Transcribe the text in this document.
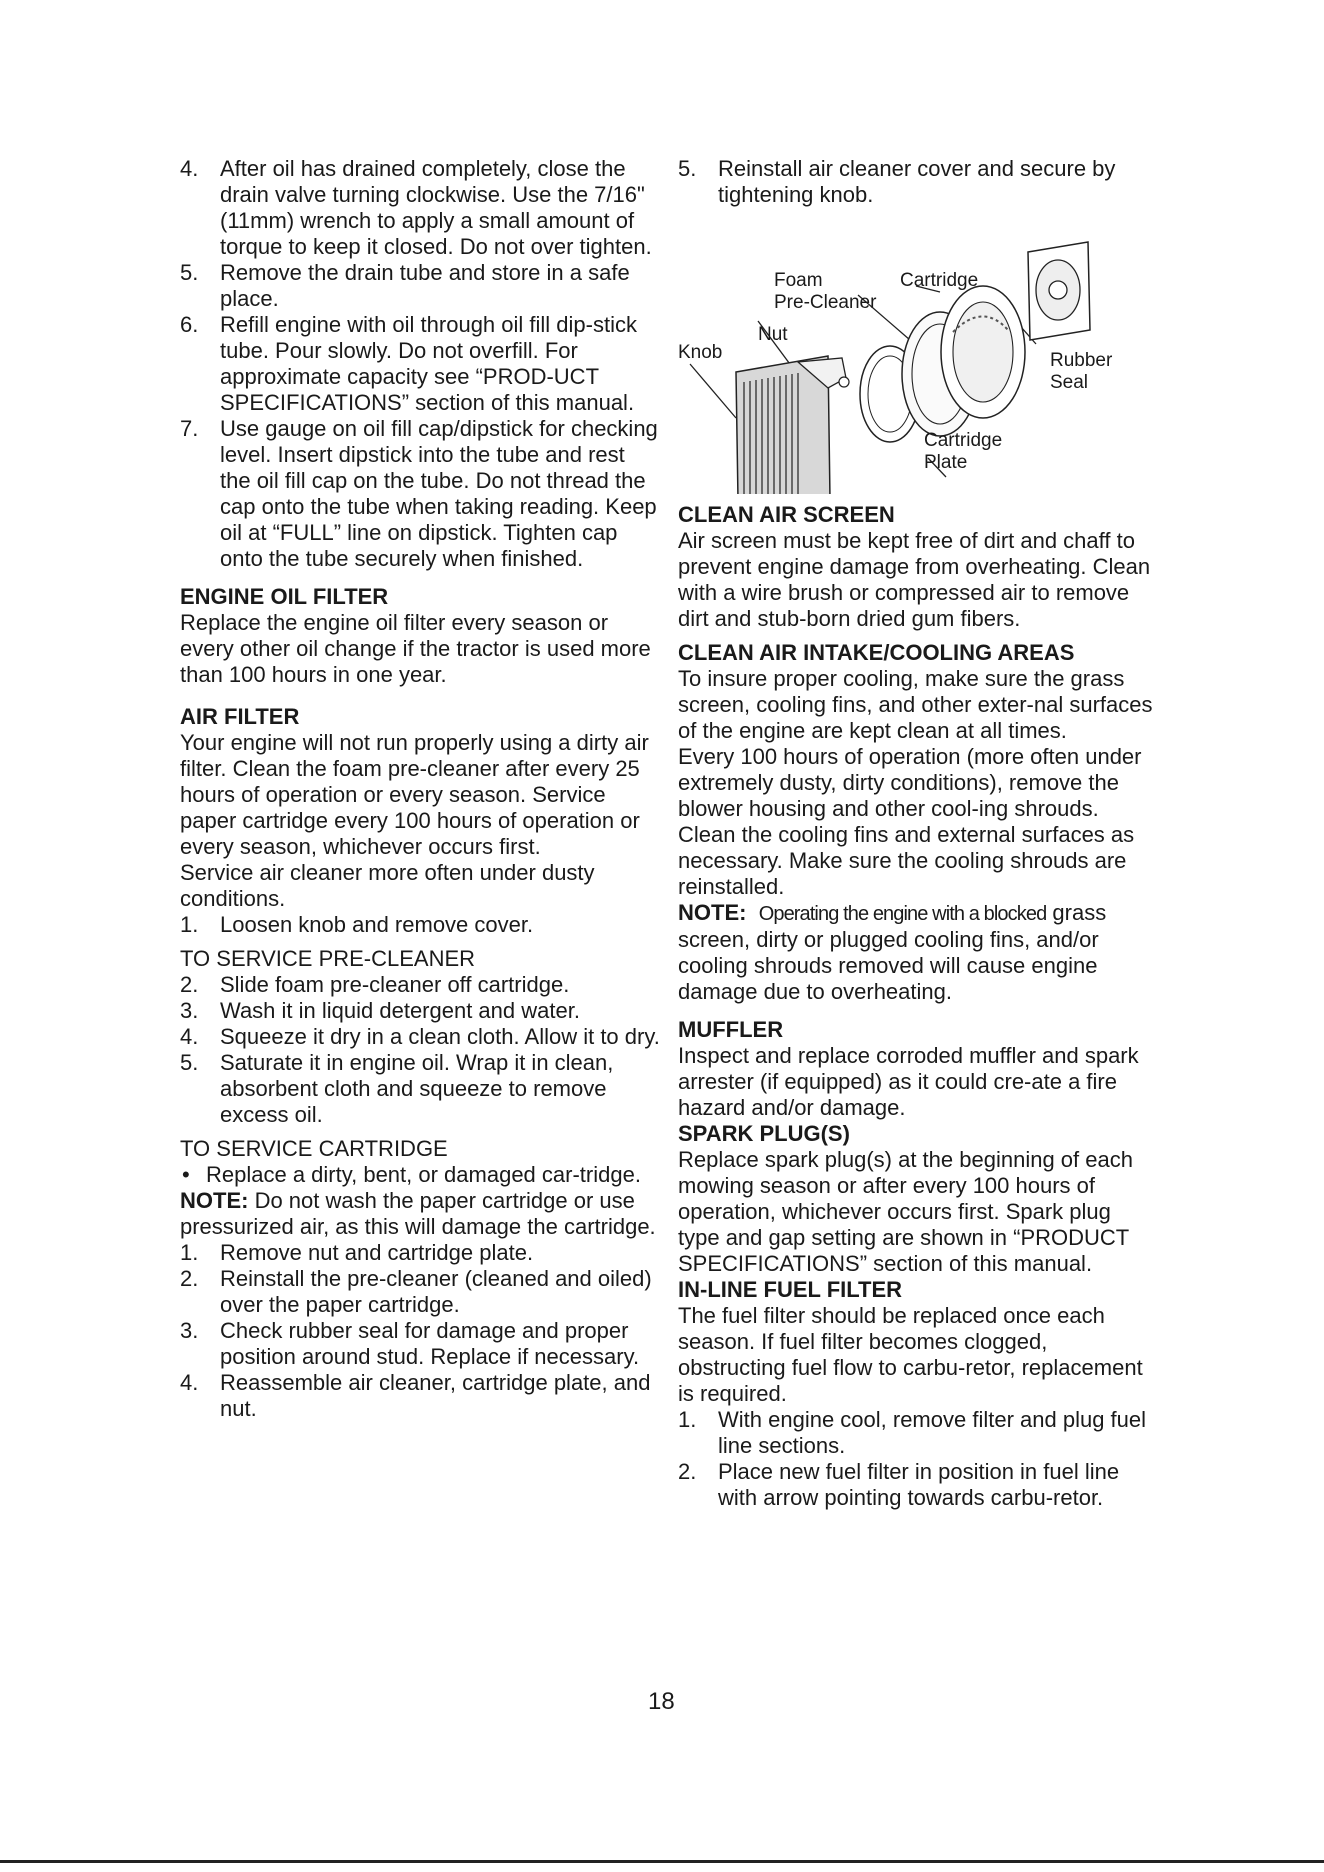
4. After oil has drained completely, close the drain valve turning clockwise. Use the 7/16" (11mm) wrench to apply a small amount of torque to keep it closed. Do not over tighten.

5. Remove the drain tube and store in a safe place.

6. Refill engine with oil through oil fill dip-stick tube. Pour slowly. Do not overfill. For approximate capacity see “PROD-UCT SPECIFICATIONS” section of this manual.

7. Use gauge on oil fill cap/dipstick for checking level. Insert dipstick into the tube and rest the oil fill cap on the tube. Do not thread the cap onto the tube when taking reading. Keep oil at “FULL” line on dipstick. Tighten cap onto the tube securely when finished.

ENGINE OIL FILTER

Replace the engine oil filter every season or every other oil change if the tractor is used more than 100 hours in one year.

AIR FILTER

Your engine will not run properly using a dirty air filter. Clean the foam pre-cleaner after every 25 hours of operation or every season. Service paper cartridge every 100 hours of operation or every season, whichever occurs first.

Service air cleaner more often under dusty conditions.

1. Loosen knob and remove cover.

TO SERVICE PRE-CLEANER

2. Slide foam pre-cleaner off cartridge.

3. Wash it in liquid detergent and water.

4. Squeeze it dry in a clean cloth. Allow it to dry.

5. Saturate it in engine oil. Wrap it in clean, absorbent cloth and squeeze to remove excess oil.

TO SERVICE CARTRIDGE

• Replace a dirty, bent, or damaged car-tridge.

NOTE: Do not wash the paper cartridge or use pressurized air, as this will damage the cartridge.

1. Remove nut and cartridge plate.

2. Reinstall the pre-cleaner (cleaned and oiled) over the paper cartridge.

3. Check rubber seal for damage and proper position around stud. Replace if necessary.

4. Reassemble air cleaner, cartridge plate, and nut.

5. Reinstall air cleaner cover and secure by tightening knob.

Foam
Pre-Cleaner
Cartridge
Knob
Nut
Rubber
Seal
Cartridge
Plate

CLEAN AIR SCREEN

Air screen must be kept free of dirt and chaff to prevent engine damage from overheating. Clean with a wire brush or compressed air to remove dirt and stub-born dried gum fibers.

CLEAN AIR INTAKE/COOLING AREAS

To insure proper cooling, make sure the grass screen, cooling fins, and other exter-nal surfaces of the engine are kept clean at all times.

Every 100 hours of operation (more often under extremely dusty, dirty conditions), remove the blower housing and other cool-ing shrouds. Clean the cooling fins and external surfaces as necessary. Make sure the cooling shrouds are reinstalled.

NOTE: Operating the engine with a blocked grass screen, dirty or plugged cooling fins, and/or cooling shrouds removed will cause engine damage due to overheating.

MUFFLER

Inspect and replace corroded muffler and spark arrester (if equipped) as it could cre-ate a fire hazard and/or damage.

SPARK PLUG(S)

Replace spark plug(s) at the beginning of each mowing season or after every 100 hours of operation, whichever occurs first. Spark plug type and gap setting are shown in “PRODUCT SPECIFICATIONS” section of this manual.

IN-LINE FUEL FILTER

The fuel filter should be replaced once each season. If fuel filter becomes clogged, obstructing fuel flow to carbu-retor, replacement is required.

1. With engine cool, remove filter and plug fuel line sections.

2. Place new fuel filter in position in fuel line with arrow pointing towards carbu-retor.

18
